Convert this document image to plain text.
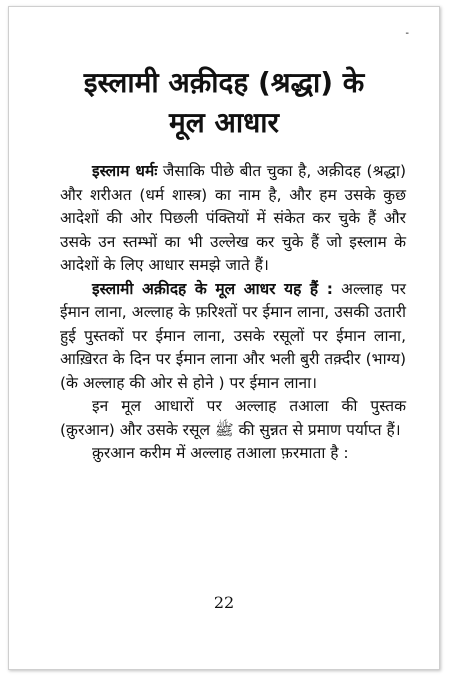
-
इस्लामी अक़ीदह (श्रद्धा) के
मूल आधार

इस्लाम धर्मः जैसाकि पीछे बीत चुका है, अक़ीदह (श्रद्धा) और शरीअत (धर्म शास्त्र) का नाम है, और हम उसके कुछ आदेशों की ओर पिछली पंक्तियों में संकेत कर चुके हैं और उसके उन स्तम्भों का भी उल्लेख कर चुके हैं जो इस्लाम के आदेशों के लिए आधार समझे जाते हैं।

इस्लामी अक़ीदह के मूल आधर यह हैं : अल्लाह पर ईमान लाना, अल्लाह के फ़रिश्तों पर ईमान लाना, उसकी उतारी हुई पुस्तकों पर ईमान लाना, उसके रसूलों पर ईमान लाना, आख़िरत के दिन पर ईमान लाना और भली बुरी तक़्दीर (भाग्य) (के अल्लाह की ओर से होने ) पर ईमान लाना।

इन मूल आधारों पर अल्लाह तआला की पुस्तक (क़ुरआन) और उसके रसूल ﷺ की सुन्नत से प्रमाण पर्याप्त हैं।

क़ुरआन करीम में अल्लाह तआला फ़रमाता है :

22
